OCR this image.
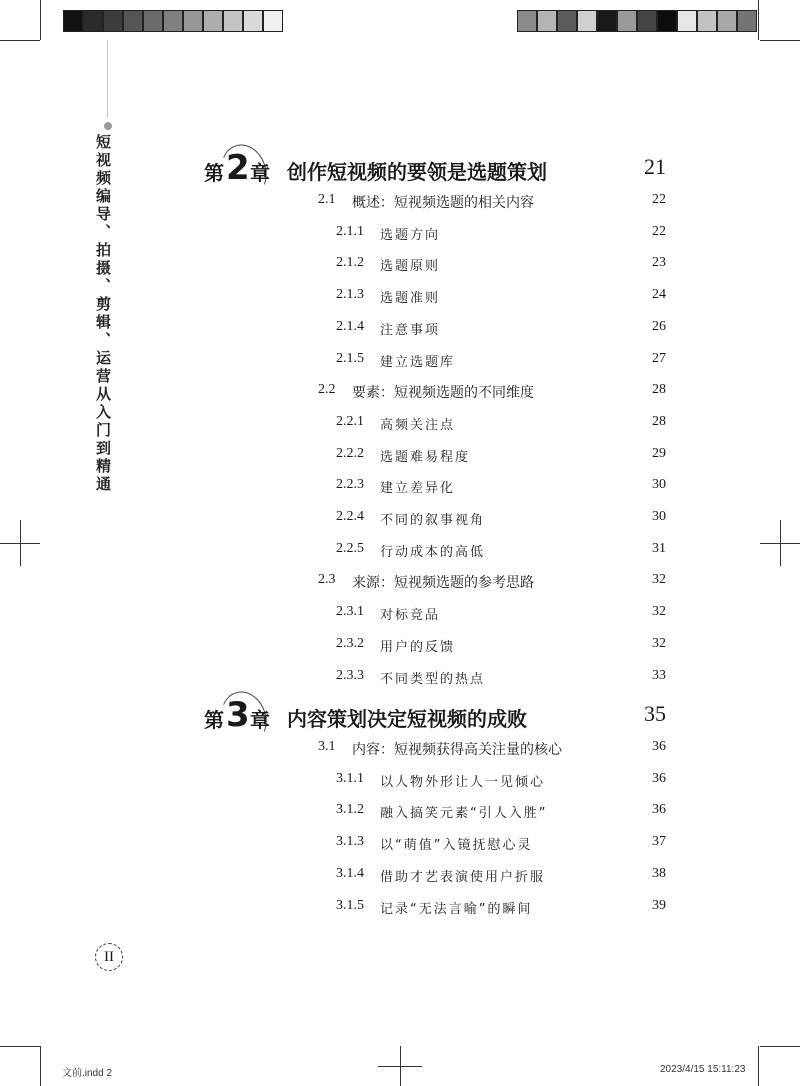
短视频编导、拍摄、剪辑、运营从入门到精通	第 2 章 创作短视频的要领是选题策划	21
2.1 概述：短视频选题的相关内容	22
2.1.1 选题方向	22
2.1.2 选题原则	23
2.1.3 选题准则	24
2.1.4 注意事项	26
2.1.5 建立选题库	27
2.2 要素：短视频选题的不同维度	28
2.2.1 高频关注点	28
2.2.2 选题难易程度	29
2.2.3 建立差异化	30
2.2.4 不同的叙事视角	30
2.2.5 行动成本的高低	31
2.3 来源：短视频选题的参考思路	32
2.3.1 对标竞品	32
2.3.2 用户的反馈	32
2.3.3 不同类型的热点	33
第 3 章 内容策划决定短视频的成败	35
3.1 内容：短视频获得高关注量的核心	36
3.1.1 以人物外形让人一见倾心	36
3.1.2 融入搞笑元素“引人入胜”	36
3.1.3 以“萌值”入镜抚慰心灵	37
3.1.4 借助才艺表演使用户折服	38
3.1.5 记录“无法言喻”的瞬间	39
II
文前.indd 2	2023/4/15 15:11:23
